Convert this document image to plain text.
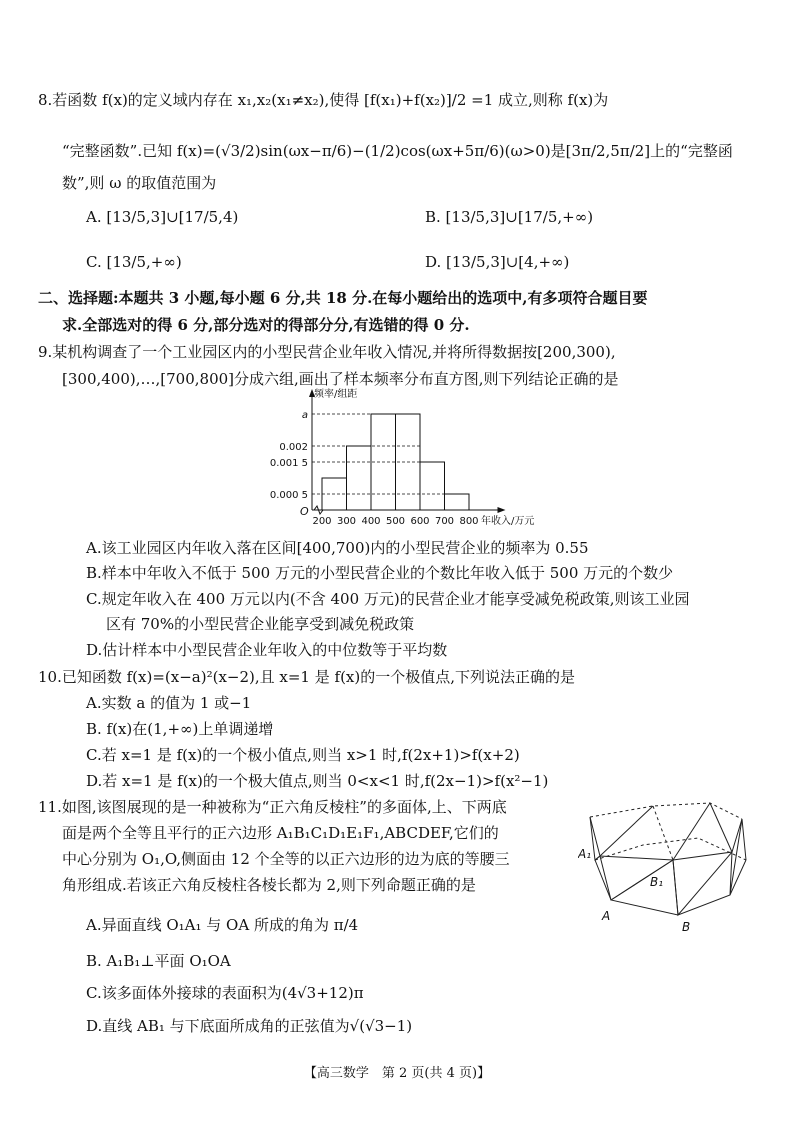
8.若函数 f(x)的定义域内存在 x₁,x₂(x₁≠x₂),使得 [f(x₁)+f(x₂)]/2 =1 成立,则称 f(x)为
“完整函数”.已知 f(x)=(√3/2)sin(ωx−π/6)−(1/2)cos(ωx+5π/6)(ω>0)是[3π/2,5π/2]上的“完整函
数”,则 ω 的取值范围为
A. [13/5,3]∪[17/5,4)	B. [13/5,3]∪[17/5,+∞)
C. [13/5,+∞)	D. [13/5,3]∪[4,+∞)
二、选择题:本题共 3 小题,每小题 6 分,共 18 分.在每小题给出的选项中,有多项符合题目要
求.全部选对的得 6 分,部分选对的得部分分,有选错的得 0 分.
9.某机构调查了一个工业园区内的小型民营企业年收入情况,并将所得数据按[200,300),
[300,400),…,[700,800]分成六组,画出了样本频率分布直方图,则下列结论正确的是
0.000 5
0.001 5
0.002
a
200 300 400 500 600 700 800 年收入/万元
频率/组距
O
A.该工业园区内年收入落在区间[400,700)内的小型民营企业的频率为 0.55
B.样本中年收入不低于 500 万元的小型民营企业的个数比年收入低于 500 万元的个数少
C.规定年收入在 400 万元以内(不含 400 万元)的民营企业才能享受减免税政策,则该工业园
区有 70%的小型民营企业能享受到减免税政策
D.估计样本中小型民营企业年收入的中位数等于平均数
10.已知函数 f(x)=(x−a)²(x−2),且 x=1 是 f(x)的一个极值点,下列说法正确的是
A.实数 a 的值为 1 或−1
B. f(x)在(1,+∞)上单调递增
C.若 x=1 是 f(x)的一个极小值点,则当 x>1 时,f(2x+1)>f(x+2)
D.若 x=1 是 f(x)的一个极大值点,则当 0<x<1 时,f(2x−1)>f(x²−1)
11.如图,该图展现的是一种被称为“正六角反棱柱”的多面体,上、下两底
面是两个全等且平行的正六边形 A₁B₁C₁D₁E₁F₁,ABCDEF,它们的
中心分别为 O₁,O,侧面由 12 个全等的以正六边形的边为底的等腰三
角形组成.若该正六角反棱柱各棱长都为 2,则下列命题正确的是
A.异面直线 O₁A₁ 与 OA 所成的角为 π/4
B. A₁B₁⊥平面 O₁OA
C.该多面体外接球的表面积为(4√3+12)π
D.直线 AB₁ 与下底面所成角的正弦值为√(√3−1)
A₁
B₁
A
B
【高三数学　第 2 页(共 4 页)】
